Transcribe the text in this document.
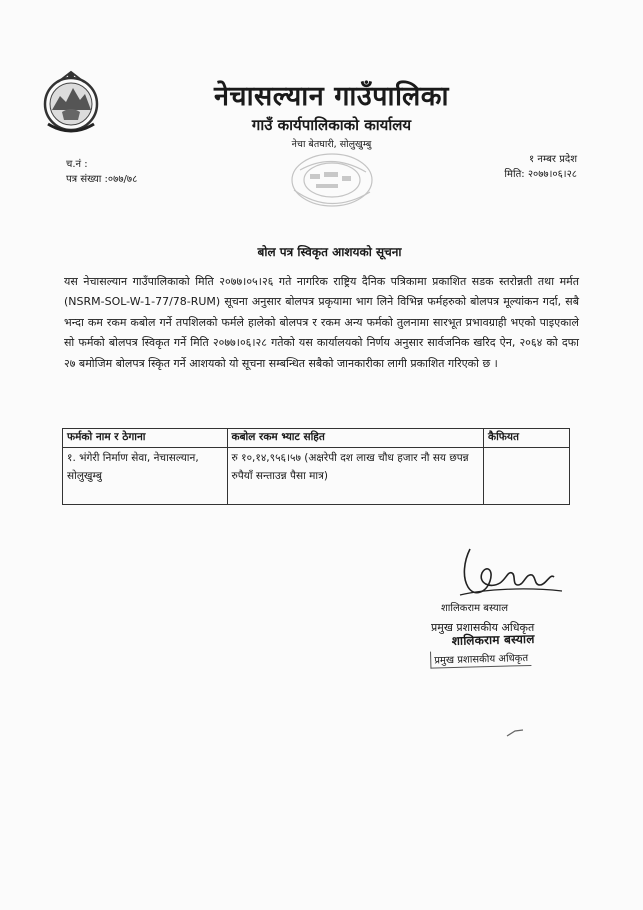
नेचासल्यान गाउँपालिका
गाउँ कार्यपालिकाको कार्यालय
नेचा बेतघारी, सोलुखुम्बु
च.नं :
पत्र संख्या :०७७/७८
१ नम्बर प्रदेश
मिति: २०७७।०६।२८
बोल पत्र स्विकृत आशयको सूचना
यस नेचासल्यान गाउँपालिकाको मिति २०७७।०५।२६ गते नागरिक राष्ट्रिय दैनिक पत्रिकामा प्रकाशित सडक स्तरोन्नती तथा मर्मत (NSRM-SOL-W-1-77/78-RUM) सूचना अनुसार बोलपत्र प्रकृयामा भाग लिने विभिन्न फर्महरुको बोलपत्र मूल्यांकन गर्दा, सबै भन्दा कम रकम कबोल गर्ने तपशिलको फर्मले हालेको बोलपत्र र रकम अन्य फर्मको तुलनामा सारभूत प्रभावग्राही भएको पाइएकाले सो फर्मको बोलपत्र स्विकृत गर्ने मिति २०७७।०६।२८ गतेको यस कार्यालयको निर्णय अनुसार सार्वजनिक खरिद ऐन, २०६४ को दफा २७ बमोजिम बोलपत्र स्किृत गर्ने आशयको यो सूचना सम्बन्धित सबैको जानकारीका लागी प्रकाशित गरिएको छ ।
फर्मको नाम र ठेगाना	कबोल रकम भ्याट सहित	कैफियत
१. भंगेरी निर्माण सेवा, नेचासल्यान, सोलुखुम्बु	रु १०,१४,९५६।५७ (अक्षरेपी दश लाख चौध हजार नौ सय छपन्न रुपैयाँ सन्ताउन्न पैसा मात्र)	
शालिकराम बस्याल
प्रमुख प्रशासकीय अधिकृत
शालिकराम बस्याल
प्रमुख प्रशासकीय अधिकृत
